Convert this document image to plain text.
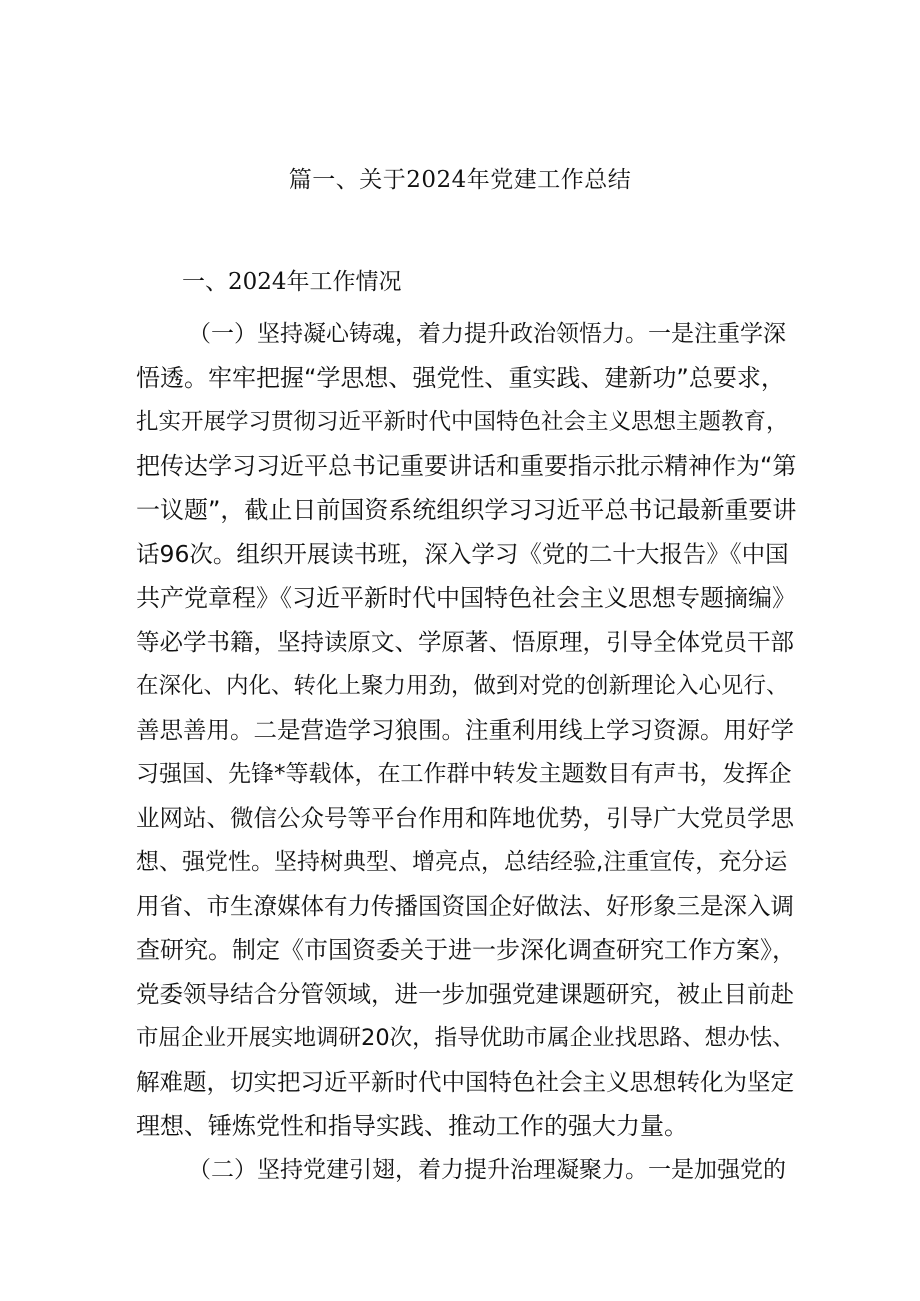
篇一、关于2024年党建工作总结
一、2024年工作情况
（一）坚持凝心铸魂，着力提升政治领悟力。一是注重学深
悟透。牢牢把握“学思想、强党性、重实践、建新功”总要求，
扎实开展学习贯彻习近平新时代中国特色社会主义思想主题教育，
把传达学习习近平总书记重要讲话和重要指示批示精神作为“第
一议题”，截止日前国资系统组织学习习近平总书记最新重要讲
话96次。组织开展读书班，深入学习《党的二十大报告》《中国
共产党章程》《习近平新时代中国特色社会主义思想专题摘编》
等必学书籍，坚持读原文、学原著、悟原理，引导全体党员干部
在深化、内化、转化上聚力用劲，做到对党的创新理论入心见行、
善思善用。二是营造学习狼围。注重利用线上学习资源。用好学
习强国、先锋*等载体，在工作群中转发主题数目有声书，发挥企
业网站、微信公众号等平台作用和阵地优势，引导广大党员学思
想、强党性。坚持树典型、增亮点，总结经验,注重宣传，充分运
用省、市生潦媒体有力传播国资国企好做法、好形象三是深入调
查研究。制定《市国资委关于进一步深化调查研究工作方案》，
党委领导结合分管领域，进一步加强党建课题研究，被止目前赴
市屈企业开展实地调研20次，指导优助市属企业找思路、想办怯、
解难题，切实把习近平新时代中国特色社会主义思想转化为坚定
理想、锤炼党性和指导实践、推动工作的强大力量。
（二）坚持党建引翅，着力提升治理凝聚力。一是加强党的
